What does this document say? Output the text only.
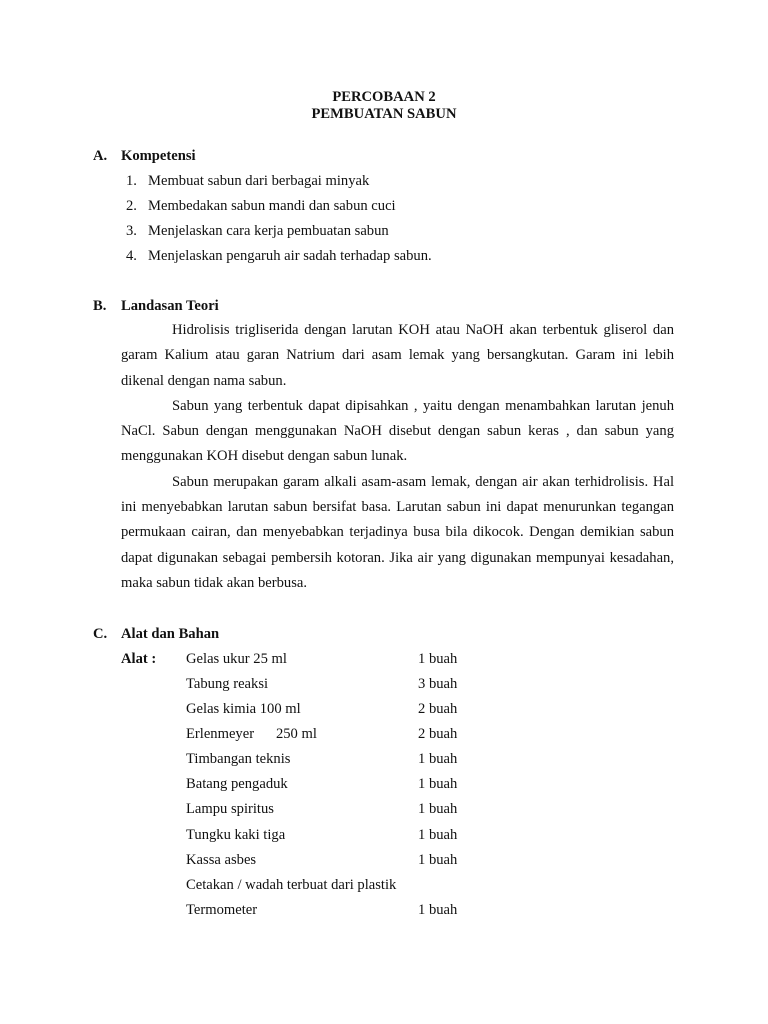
PERCOBAAN 2
PEMBUATAN SABUN
A. Kompetensi
1. Membuat sabun dari berbagai minyak
2. Membedakan sabun mandi dan sabun cuci
3. Menjelaskan cara kerja pembuatan sabun
4. Menjelaskan pengaruh air sadah terhadap sabun.
B. Landasan Teori

Hidrolisis trigliserida dengan larutan KOH atau NaOH akan terbentuk gliserol dan garam Kalium atau garan Natrium dari asam lemak yang bersangkutan. Garam ini lebih dikenal dengan nama sabun.

Sabun yang terbentuk dapat dipisahkan , yaitu dengan menambahkan larutan jenuh NaCl. Sabun dengan menggunakan NaOH disebut dengan sabun keras , dan sabun yang menggunakan KOH disebut dengan sabun lunak.

Sabun merupakan garam alkali asam-asam lemak, dengan air akan terhidrolisis. Hal ini menyebabkan larutan sabun bersifat basa. Larutan sabun ini dapat menurunkan tegangan permukaan cairan, dan menyebabkan terjadinya busa bila dikocok. Dengan demikian sabun dapat digunakan sebagai pembersih kotoran. Jika air yang digunakan mempunyai kesadahan, maka sabun tidak akan berbusa.

C. Alat dan Bahan
Alat : Gelas ukur 25 ml	1 buah
Tabung reaksi	3 buah
Gelas kimia 100 ml	2 buah
Erlenmeyer      250 ml	2 buah
Timbangan teknis	1 buah
Batang pengaduk	1 buah
Lampu spiritus	1 buah
Tungku kaki tiga	1 buah
Kassa asbes	1 buah
Cetakan / wadah terbuat dari plastik
Termometer	1 buah
